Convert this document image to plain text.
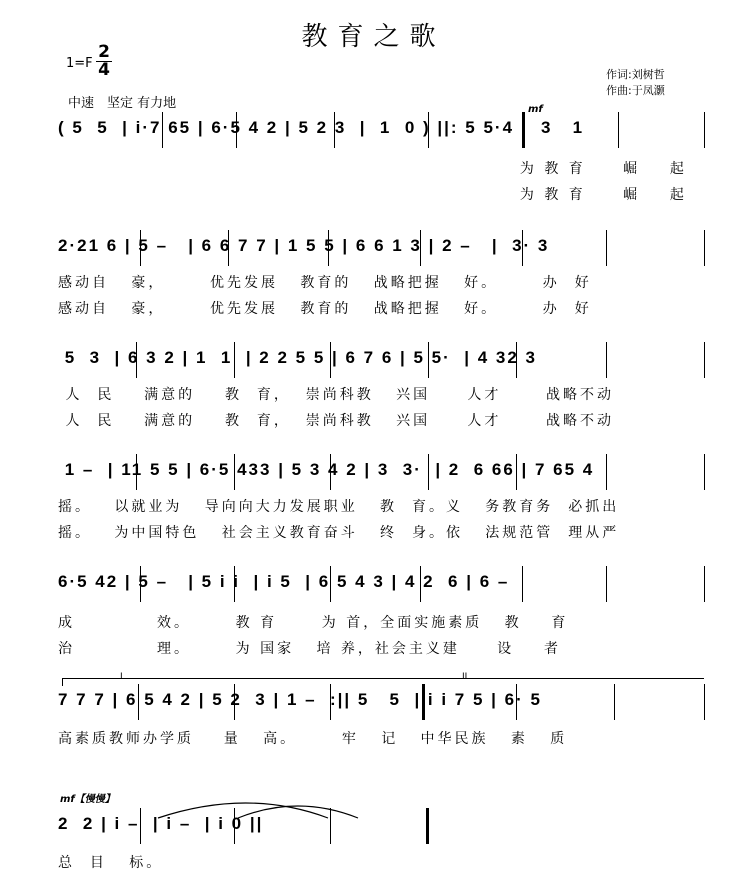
教育之歌
1=F
2
4
中速　坚定 有力地
作词:刘树哲
作曲:于凤灏
( 5  5  | i·7 65 | 6·5 4 2 | 5 2 3  |  1  0 ) ||: 5 5·4 |  3   1
mf
为 教 育     崛    起
为 教 育     崛    起
2·21 6 | 5 –   | 6 6 7 7 | 1 5 5 | 6 6 1 3 | 2 –   |  3· 3
感动自   豪，      优先发展   教育的   战略把握   好。      办  好
感动自   豪，      优先发展   教育的   战略把握   好。      办  好
5  3  | 6 3 2 | 1  1  | 2 2 5 5 | 6 7 6 | 5 5·  | 4 32 3
人  民    满意的    教  育，  崇尚科教   兴国     人才      战略不动
人  民    满意的    教  育，  崇尚科教   兴国     人才      战略不动
1 –  | 11 5 5 | 6·5 433 | 5 3 4 2 | 3  3·  | 2  6 66 | 7 65 4
摇。   以就业为   导向向大力发展职业   教  育。义   务教育务  必抓出
摇。   为中国特色   社会主义教育奋斗   终  身。依   法规范管  理从严
6·5 42 | 5 –   | 5 i i  | i 5  | 6 5 4 3 | 4 2  6 | 6 –
成           效。      教 育      为 首，全面实施素质   教    育
治           理。      为 国家   培 养，社会主义建     设    者
I	II
7 7 7 | 6 5 4 2 | 5 2  3 | 1 –  :|| 5   5  | i i 7 5 | 6· 5
高素质教师办学质    量   高。      牢   记   中华民族   素   质
mf【慢慢】
2  2 | i –  | i –  | i 0 ||
总  目   标。
